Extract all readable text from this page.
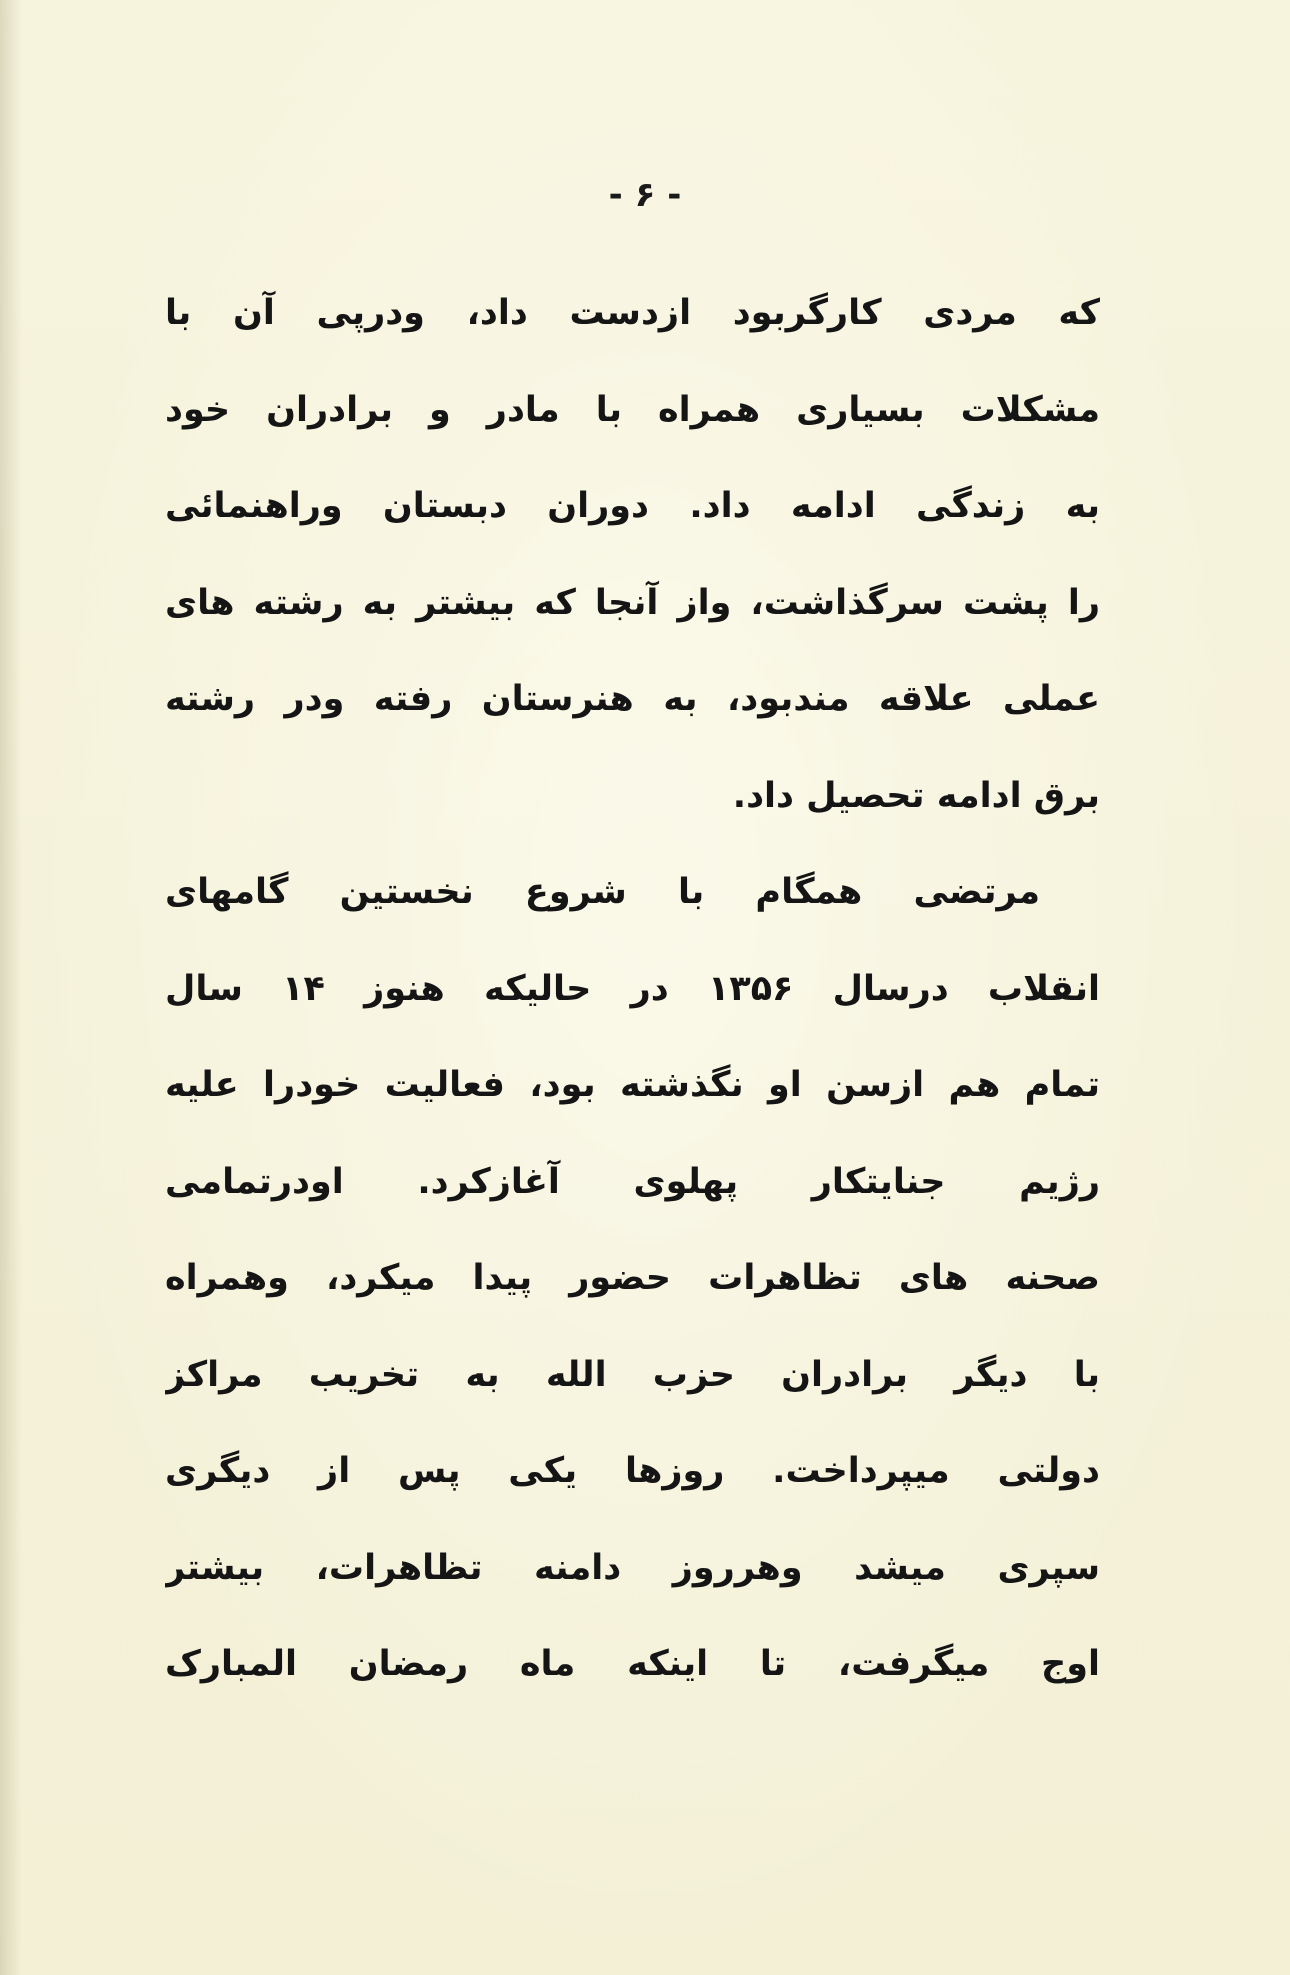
- ۶ -
که مردی کارگربود ازدست داد، ودرپی آن با
مشکلات بسیاری همراه با مادر و برادران خود
به زندگی ادامه داد. دوران دبستان وراهنمائی
را پشت سرگذاشت، واز آنجا که بیشتر به رشته های
عملی علاقه مندبود، به هنرستان رفته ودر رشته
برق ادامه تحصیل داد.
مرتضی همگام با شروع نخستین گامهای
انقلاب درسال ۱۳۵۶ در حالیکه هنوز ۱۴ سال
تمام هم ازسن او نگذشته بود، فعالیت خودرا علیه
رژیم جنایتکار پهلوی آغازکرد. اودرتمامی
صحنه های تظاهرات حضور پیدا میکرد، وهمراه
با دیگر برادران حزب الله به تخریب مراکز
دولتی میپرداخت. روزها یکی پس از دیگری
سپری میشد وهرروز دامنه تظاهرات، بیشتر
اوج میگرفت، تا اینکه ماه رمضان المبارک
